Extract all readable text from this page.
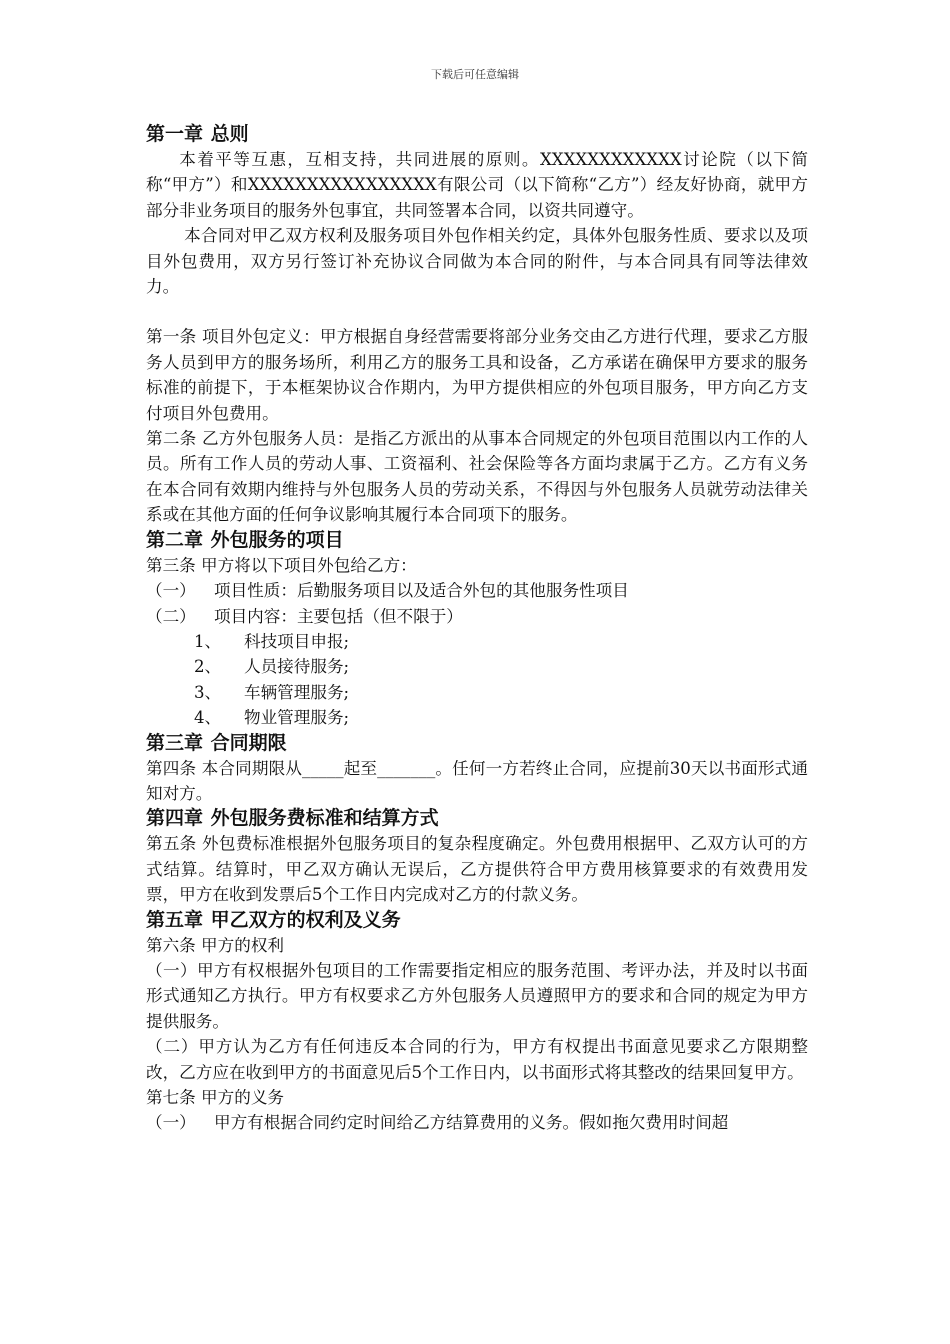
下载后可任意编辑
第一章 总则

本着平等互惠，互相支持，共同进展的原则。XXXXXXXXXXXX讨论院（以下简称“甲方”）和XXXXXXXXXXXXXXXX有限公司（以下简称“乙方”）经友好协商，就甲方部分非业务项目的服务外包事宜，共同签署本合同，以资共同遵守。

本合同对甲乙双方权利及服务项目外包作相关约定，具体外包服务性质、要求以及项目外包费用，双方另行签订补充协议合同做为本合同的附件，与本合同具有同等法律效力。

第一条 项目外包定义：甲方根据自身经营需要将部分业务交由乙方进行代理，要求乙方服务人员到甲方的服务场所，利用乙方的服务工具和设备，乙方承诺在确保甲方要求的服务标准的前提下，于本框架协议合作期内，为甲方提供相应的外包项目服务，甲方向乙方支付项目外包费用。

第二条 乙方外包服务人员：是指乙方派出的从事本合同规定的外包项目范围以内工作的人员。所有工作人员的劳动人事、工资福利、社会保险等各方面均隶属于乙方。乙方有义务在本合同有效期内维持与外包服务人员的劳动关系，不得因与外包服务人员就劳动法律关系或在其他方面的任何争议影响其履行本合同项下的服务。

第二章 外包服务的项目

第三条 甲方将以下项目外包给乙方：

（一） 项目性质：后勤服务项目以及适合外包的其他服务性项目

（二） 项目内容：主要包括（但不限于）

1、 科技项目申报;

2、 人员接待服务;

3、 车辆管理服务;

4、 物业管理服务;

第三章 合同期限

第四条 本合同期限从_____起至_______。任何一方若终止合同，应提前30天以书面形式通知对方。

第四章 外包服务费标准和结算方式

第五条 外包费标准根据外包服务项目的复杂程度确定。外包费用根据甲、乙双方认可的方式结算。结算时，甲乙双方确认无误后，乙方提供符合甲方费用核算要求的有效费用发票，甲方在收到发票后5个工作日内完成对乙方的付款义务。

第五章 甲乙双方的权利及义务

第六条 甲方的权利

（一）甲方有权根据外包项目的工作需要指定相应的服务范围、考评办法，并及时以书面形式通知乙方执行。甲方有权要求乙方外包服务人员遵照甲方的要求和合同的规定为甲方提供服务。

（二）甲方认为乙方有任何违反本合同的行为，甲方有权提出书面意见要求乙方限期整改，乙方应在收到甲方的书面意见后5个工作日内，以书面形式将其整改的结果回复甲方。

第七条 甲方的义务

（一） 甲方有根据合同约定时间给乙方结算费用的义务。假如拖欠费用时间超
